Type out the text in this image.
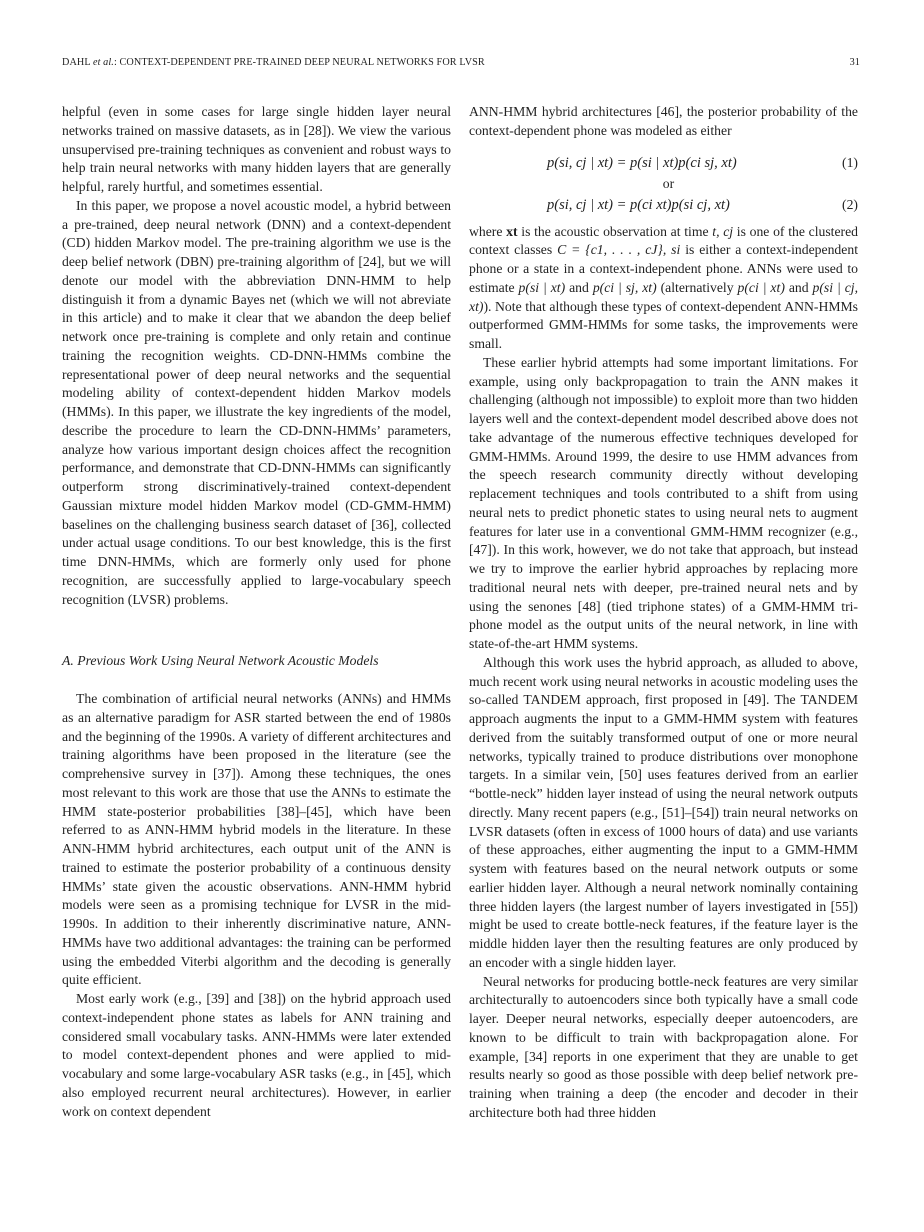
DAHL et al.: CONTEXT-DEPENDENT PRE-TRAINED DEEP NEURAL NETWORKS FOR LVSR	31

helpful (even in some cases for large single hidden layer neural networks trained on massive datasets, as in [28]). We view the various unsupervised pre-training techniques as convenient and robust ways to help train neural networks with many hidden layers that are generally helpful, rarely hurtful, and sometimes essential.

In this paper, we propose a novel acoustic model, a hybrid between a pre-trained, deep neural network (DNN) and a context-dependent (CD) hidden Markov model. The pre-training algorithm we use is the deep belief network (DBN) pre-training algorithm of [24], but we will denote our model with the abbreviation DNN-HMM to help distinguish it from a dynamic Bayes net (which we will not abreviate in this article) and to make it clear that we abandon the deep belief network once pre-training is complete and only retain and continue training the recognition weights. CD-DNN-HMMs combine the representational power of deep neural networks and the sequential modeling ability of context-dependent hidden Markov models (HMMs). In this paper, we illustrate the key ingredients of the model, describe the procedure to learn the CD-DNN-HMMs’ parameters, analyze how various important design choices affect the recognition performance, and demonstrate that CD-DNN-HMMs can significantly outperform strong discriminatively-trained context-dependent Gaussian mixture model hidden Markov model (CD-GMM-HMM) baselines on the challenging business search dataset of [36], collected under actual usage conditions. To our best knowledge, this is the first time DNN-HMMs, which are formerly only used for phone recognition, are successfully applied to large-vocabulary speech recognition (LVSR) problems.

A. Previous Work Using Neural Network Acoustic Models

The combination of artificial neural networks (ANNs) and HMMs as an alternative paradigm for ASR started between the end of 1980s and the beginning of the 1990s. A variety of different architectures and training algorithms have been proposed in the literature (see the comprehensive survey in [37]). Among these techniques, the ones most relevant to this work are those that use the ANNs to estimate the HMM state-posterior probabilities [38]–[45], which have been referred to as ANN-HMM hybrid models in the literature. In these ANN-HMM hybrid architectures, each output unit of the ANN is trained to estimate the posterior probability of a continuous density HMMs’ state given the acoustic observations. ANN-HMM hybrid models were seen as a promising technique for LVSR in the mid-1990s. In addition to their inherently discriminative nature, ANN-HMMs have two additional advantages: the training can be performed using the embedded Viterbi algorithm and the decoding is generally quite efficient.

Most early work (e.g., [39] and [38]) on the hybrid approach used context-independent phone states as labels for ANN training and considered small vocabulary tasks. ANN-HMMs were later extended to model context-dependent phones and were applied to mid-vocabulary and some large-vocabulary ASR tasks (e.g., in [45], which also employed recurrent neural architectures). However, in earlier work on context dependent

ANN-HMM hybrid architectures [46], the posterior probability of the context-dependent phone was modeled as either

p(si, cj | xt) = p(si | xt)p(ci sj, xt)	(1)
or
p(si, cj | xt) = p(ci xt)p(si cj, xt)	(2)

where xt is the acoustic observation at time t, cj is one of the clustered context classes C = {c1, . . . , cJ}, si is either a context-independent phone or a state in a context-independent phone. ANNs were used to estimate p(si | xt) and p(ci | sj, xt) (alternatively p(ci | xt) and p(si | cj, xt)). Note that although these types of context-dependent ANN-HMMs outperformed GMM-HMMs for some tasks, the improvements were small.

These earlier hybrid attempts had some important limitations. For example, using only backpropagation to train the ANN makes it challenging (although not impossible) to exploit more than two hidden layers well and the context-dependent model described above does not take advantage of the numerous effective techniques developed for GMM-HMMs. Around 1999, the desire to use HMM advances from the speech research community directly without developing replacement techniques and tools contributed to a shift from using neural nets to predict phonetic states to using neural nets to augment features for later use in a conventional GMM-HMM recognizer (e.g., [47]). In this work, however, we do not take that approach, but instead we try to improve the earlier hybrid approaches by replacing more traditional neural nets with deeper, pre-trained neural nets and by using the senones [48] (tied triphone states) of a GMM-HMM tri-phone model as the output units of the neural network, in line with state-of-the-art HMM systems.

Although this work uses the hybrid approach, as alluded to above, much recent work using neural networks in acoustic modeling uses the so-called TANDEM approach, first proposed in [49]. The TANDEM approach augments the input to a GMM-HMM system with features derived from the suitably transformed output of one or more neural networks, typically trained to produce distributions over monophone targets. In a similar vein, [50] uses features derived from an earlier “bottle-neck” hidden layer instead of using the neural network outputs directly. Many recent papers (e.g., [51]–[54]) train neural networks on LVSR datasets (often in excess of 1000 hours of data) and use variants of these approaches, either augmenting the input to a GMM-HMM system with features based on the neural network outputs or some earlier hidden layer. Although a neural network nominally containing three hidden layers (the largest number of layers investigated in [55]) might be used to create bottle-neck features, if the feature layer is the middle hidden layer then the resulting features are only produced by an encoder with a single hidden layer.

Neural networks for producing bottle-neck features are very similar architecturally to autoencoders since both typically have a small code layer. Deeper neural networks, especially deeper autoencoders, are known to be difficult to train with backpropagation alone. For example, [34] reports in one experiment that they are unable to get results nearly so good as those possible with deep belief network pre-training when training a deep (the encoder and decoder in their architecture both had three hidden
